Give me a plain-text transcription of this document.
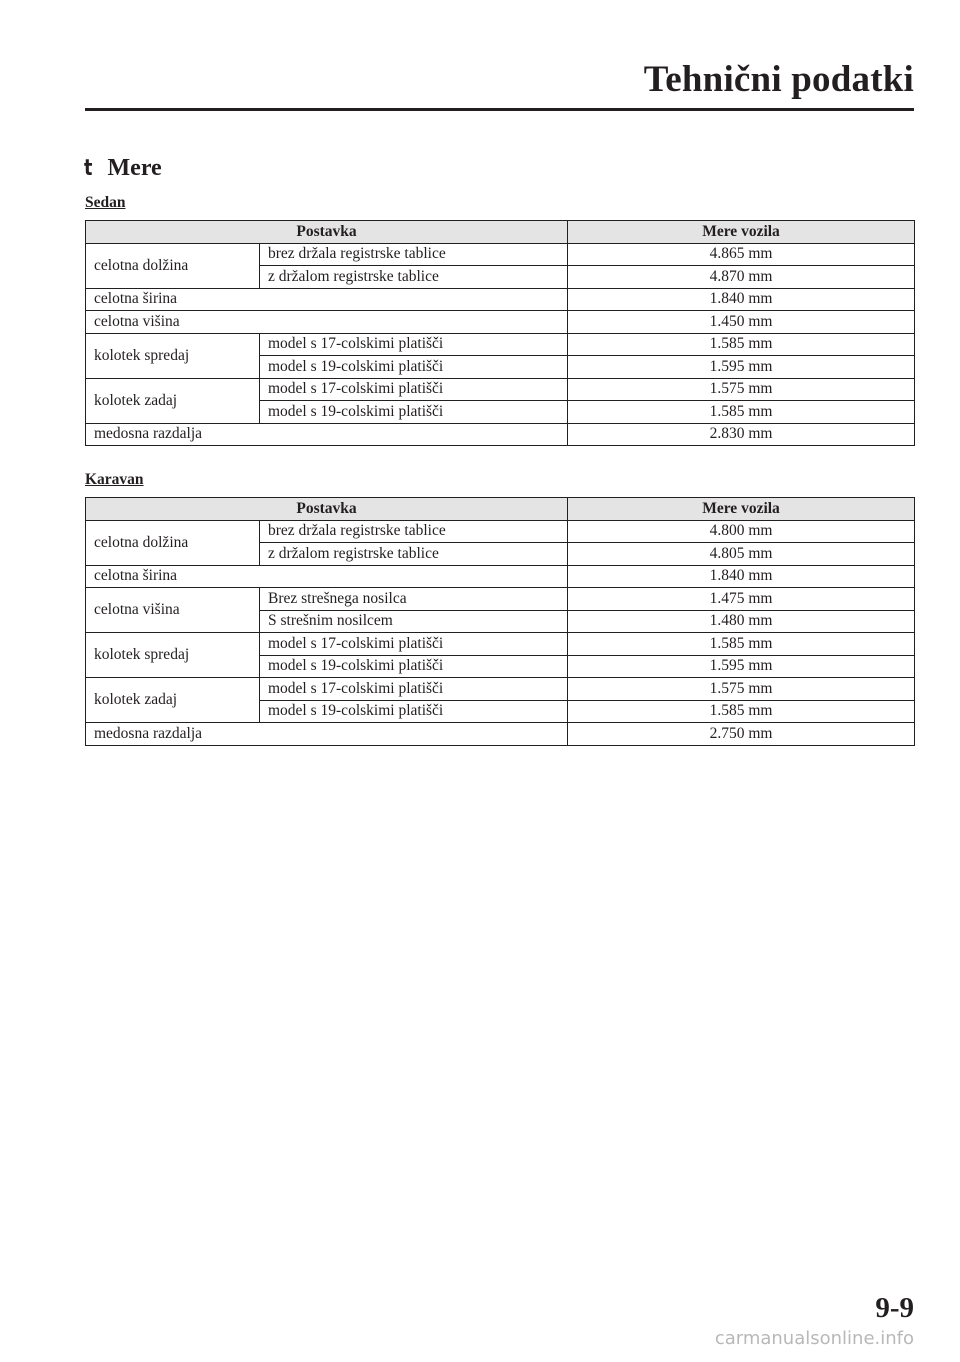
Tehnični podatki
t Mere
Sedan
Postavka		Mere vozila
celotna dolžina	brez držala registrske tablice	4.865 mm
	z držalom registrske tablice	4.870 mm
celotna širina		1.840 mm
celotna višina		1.450 mm
kolotek spredaj	model s 17-colskimi platišči	1.585 mm
	model s 19-colskimi platišči	1.595 mm
kolotek zadaj	model s 17-colskimi platišči	1.575 mm
	model s 19-colskimi platišči	1.585 mm
medosna razdalja		2.830 mm
Karavan
Postavka		Mere vozila
celotna dolžina	brez držala registrske tablice	4.800 mm
	z držalom registrske tablice	4.805 mm
celotna širina		1.840 mm
celotna višina	Brez strešnega nosilca	1.475 mm
	S strešnim nosilcem	1.480 mm
kolotek spredaj	model s 17-colskimi platišči	1.585 mm
	model s 19-colskimi platišči	1.595 mm
kolotek zadaj	model s 17-colskimi platišči	1.575 mm
	model s 19-colskimi platišči	1.585 mm
medosna razdalja		2.750 mm
9-9
carmanualsonline.info
